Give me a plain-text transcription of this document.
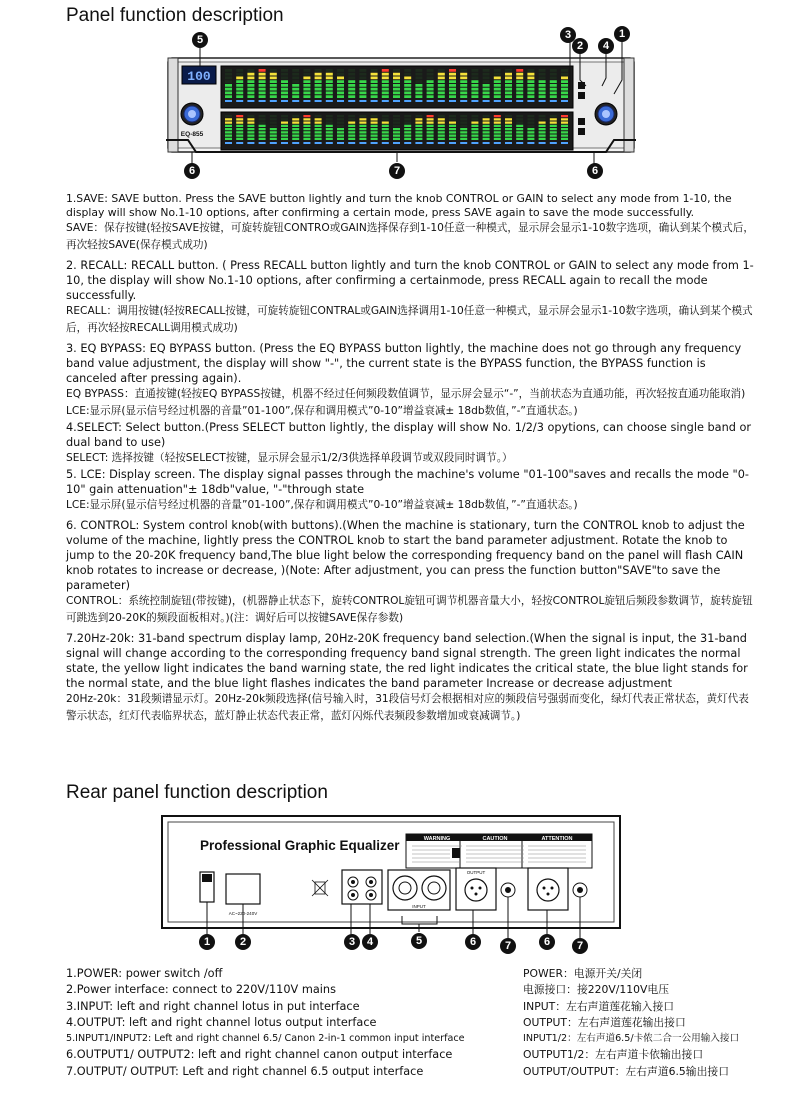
Panel function description
100
EQ-855
5	3
2	4
1
6	7	6

1.SAVE: SAVE button. Press the SAVE button lightly and turn the knob CONTROL or GAIN to select any mode from 1-10, the display will show No.1-10 options, after confirming a certain mode, press SAVE again to save the mode successfully.

SAVE：保存按键(轻按SAVE按键，可旋转旋钮CONTRO或GAIN选择保存到1-10任意一种模式，显示屏会显示1-10数字选项，确认到某个模式后，再次轻按SAVE(保存模式成功)

2. RECALL: RECALL button. ( Press RECALL button lightly and turn the knob CONTROL or GAIN to select any mode from 1-10, the display will show No.1-10 options, after confirming a certainmode, press RECALL again to recall the mode successfully.

RECALL：调用按键(轻按RECALL按键，可旋转旋钮CONTRAL或GAIN选择调用1-10任意一种模式，显示屏会显示1-10数字选项，确认到某个模式后，再次轻按RECALL调用模式成功)

3. EQ BYPASS: EQ BYPASS button. (Press the EQ BYPASS button lightly, the machine does not go through any frequency band value adjustment, the display will show "-", the current state is the BYPASS function, the BYPASS function is canceled after pressing again).

EQ BYPASS：直通按键(轻按EQ BYPASS按键，机器不经过任何频段数值调节，显示屏会显示“-”，当前状态为直通功能，再次轻按直通功能取消)

LCE:显示屏(显示信号经过机器的音量”01-100”,保存和调用模式”0-10”增益衰减± 18db数值，”-”直通状态。)

4.SELECT: Select button.(Press SELECT button lightly, the display will show No. 1/2/3 opytions, can choose single band or dual band to use)

SELECT: 选择按键（轻按SELECT按键，显示屏会显示1/2/3供选择单段调节或双段同时调节。）

5. LCE: Display screen. The display signal passes through the machine's volume "01-100"saves and recalls the mode "0-10" gain attenuation"± 18db"value, "-"through state

LCE:显示屏(显示信号经过机器的音量”01-100”,保存和调用模式”0-10”增益衰减± 18db数值，”-”直通状态。)

6. CONTROL: System control knob(with buttons).(When the machine is stationary, turn the CONTROL knob to adjust the volume of the machine, lightly press the CONTROL knob to start the band parameter adjustment. Rotate the knob to jump to the 20-20K frequency band,The blue light below the corresponding frequency band on the panel will flash CAIN knob rotates to increase or decrease, )(Note: After adjustment, you can press the function button"SAVE"to save the parameter)

CONTROL：系统控制旋钮(带按键)，(机器静止状态下，旋转CONTROL旋钮可调节机器音量大小，轻按CONTROL旋钮后频段参数调节，旋转旋钮可跳选到20-20K的频段面板相对。)(注：调好后可以按键SAVE保存参数)

7.20Hz-20k: 31-band spectrum display lamp, 20Hz-20K frequency band selection.(When the signal is input, the 31-band signal will change according to the corresponding frequency band signal strength. The green light indicates the normal state, the yellow light indicates the band warning state, the red light indicates the critical state, the blue light stands for the normal state, and the blue light flashes indicates the band parameter Increase or decrease adjustment

20Hz-20k：31段频谱显示灯。20Hz-20k频段选择(信号输入时，31段信号灯会根据相对应的频段信号强弱而变化，绿灯代表正常状态，黄灯代表警示状态，红灯代表临界状态，蓝灯静止状态代表正常，蓝灯闪烁代表频段参数增加或衰减调节。)

Rear panel function description
Professional Graphic Equalizer	WARNING	CAUTION	ATTENTION
AC~220-240V
INPUT
OUTPUT
1	2	3	4	5	6	7	6	7
1.POWER: power switch /off
2.Power interface: connect to 220V/110V mains
3.INPUT: left and right channel lotus in put interface
4.OUTPUT: left and right channel lotus output interface
5.INPUT1/INPUT2: Left and right channel 6.5/ Canon 2-in-1 common input interface
6.OUTPUT1/ OUTPUT2: left and right channel canon output interface
7.OUTPUT/ OUTPUT: Left and right channel 6.5 output interface
POWER：电源开关/关闭
电源接口：接220V/110V电压
INPUT：左右声道莲花输入接口
OUTPUT：左右声道莲花输出接口
INPUT1/2：左右声道6.5/卡侬二合一公用输入接口
OUTPUT1/2：左右声道卡依输出接口
OUTPUT/OUTPUT：左右声道6.5输出接口
